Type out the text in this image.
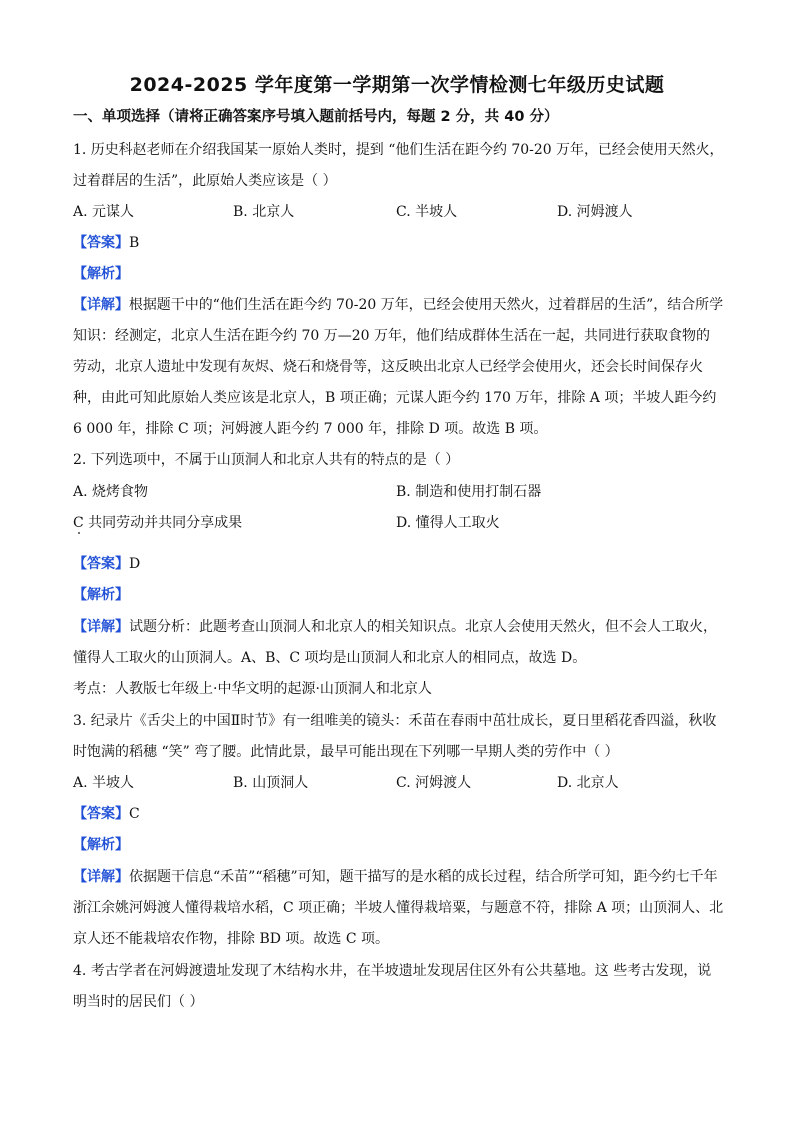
2024-2025 学年度第一学期第一次学情检测七年级历史试题
一、单项选择（请将正确答案序号填入题前括号内，每题 2 分，共 40 分）
1. 历史科赵老师在介绍我国某一原始人类时，提到 “他们生活在距今约 70-20 万年，已经会使用天然火，
过着群居的生活”，此原始人类应该是（ ）
A. 元谋人	B. 北京人	C. 半坡人	D. 河姆渡人
【答案】B
【解析】
【详解】根据题干中的“他们生活在距今约 70-20 万年，已经会使用天然火，过着群居的生活”，结合所学
知识：经测定，北京人生活在距今约 70 万—20 万年，他们结成群体生活在一起，共同进行获取食物的
劳动，北京人遗址中发现有灰烬、烧石和烧骨等，这反映出北京人已经学会使用火，还会长时间保存火
种，由此可知此原始人类应该是北京人，B 项正确；元谋人距今约 170 万年，排除 A 项；半坡人距今约
6 000 年，排除 C 项；河姆渡人距今约 7 000 年，排除 D 项。故选 B 项。
2. 下列选项中，不属于山顶洞人和北京人共有的特点的是（ ）
A. 烧烤食物	B. 制造和使用打制石器
C 共同劳动并共同分享成果	D. 懂得人工取火
【答案】D
【解析】
【详解】试题分析：此题考查山顶洞人和北京人的相关知识点。北京人会使用天然火，但不会人工取火，
懂得人工取火的山顶洞人。A、B、C 项均是山顶洞人和北京人的相同点，故选 D。
考点：人教版七年级上·中华文明的起源·山顶洞人和北京人
3. 纪录片《舌尖上的中国Ⅱ时节》有一组唯美的镜头：禾苗在春雨中茁壮成长，夏日里稻花香四溢，秋收
时饱满的稻穗 “笑” 弯了腰。此情此景，最早可能出现在下列哪一早期人类的劳作中（ ）
A. 半坡人	B. 山顶洞人	C. 河姆渡人	D. 北京人
【答案】C
【解析】
【详解】依据题干信息“禾苗”“稻穗”可知，题干描写的是水稻的成长过程，结合所学可知，距今约七千年
浙江余姚河姆渡人懂得栽培水稻，C 项正确；半坡人懂得栽培粟，与题意不符，排除 A 项；山顶洞人、北
京人还不能栽培农作物，排除 BD 项。故选 C 项。
4. 考古学者在河姆渡遗址发现了木结构水井，在半坡遗址发现居住区外有公共墓地。这 些考古发现，说
明当时的居民们（ ）
